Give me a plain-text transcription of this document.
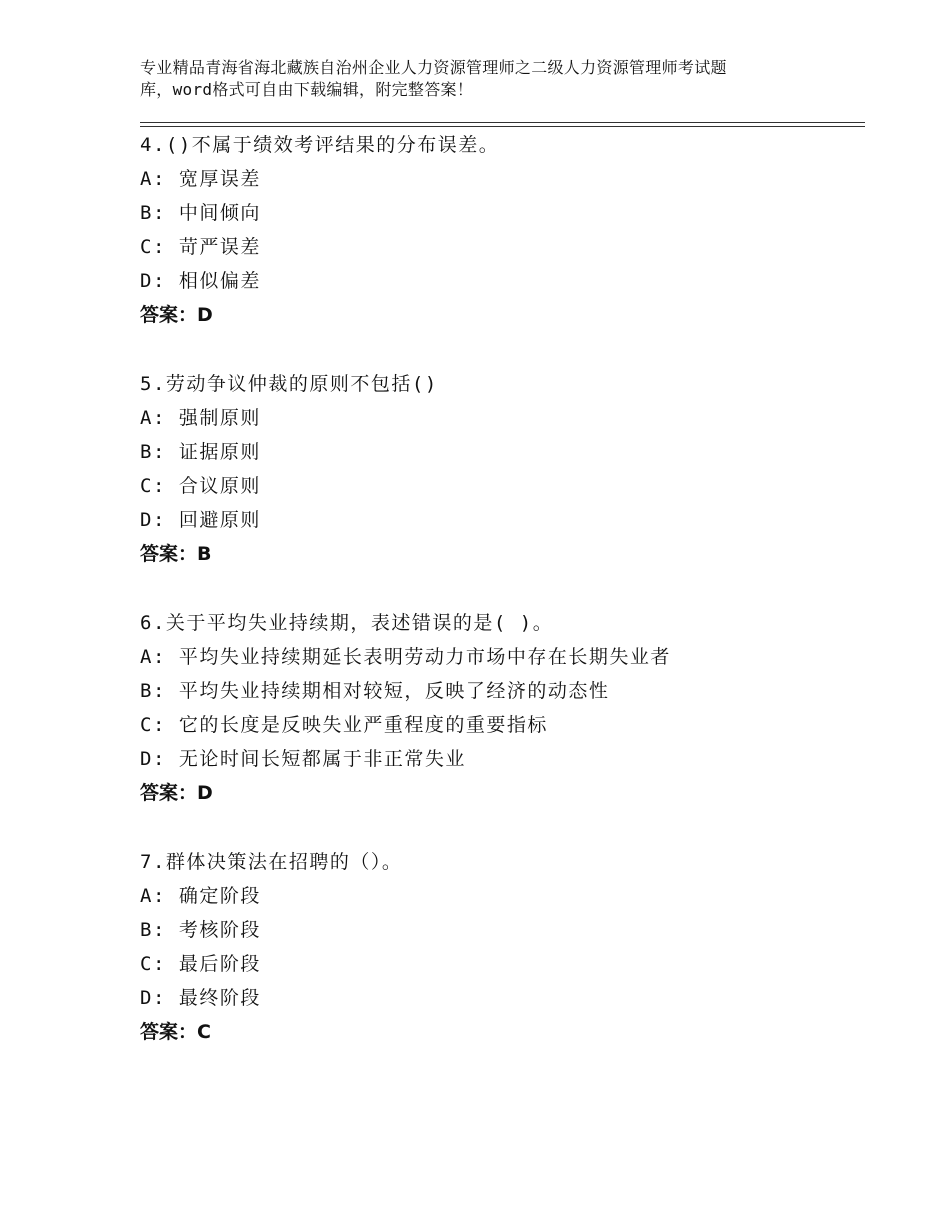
专业精品青海省海北藏族自治州企业人力资源管理师之二级人力资源管理师考试题
库，word格式可自由下载编辑，附完整答案！
4.()不属于绩效考评结果的分布误差。
A: 宽厚误差
B: 中间倾向
C: 苛严误差
D: 相似偏差
答案：D
5.劳动争议仲裁的原则不包括()
A: 强制原则
B: 证据原则
C: 合议原则
D: 回避原则
答案：B
6.关于平均失业持续期，表述错误的是( )。
A: 平均失业持续期延长表明劳动力市场中存在长期失业者
B: 平均失业持续期相对较短，反映了经济的动态性
C: 它的长度是反映失业严重程度的重要指标
D: 无论时间长短都属于非正常失业
答案：D
7.群体决策法在招聘的（）。
A: 确定阶段
B: 考核阶段
C: 最后阶段
D: 最终阶段
答案：C
